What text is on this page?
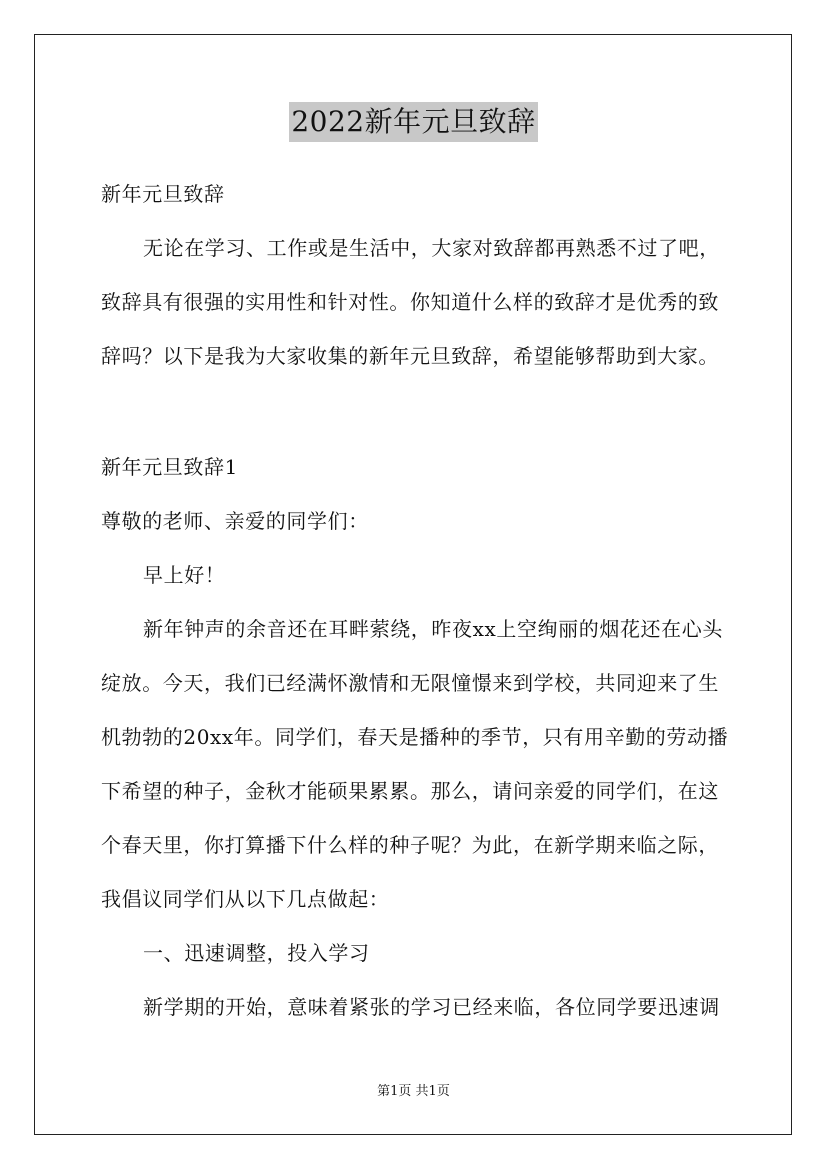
2022新年元旦致辞
新年元旦致辞
无论在学习、工作或是生活中，大家对致辞都再熟悉不过了吧，
致辞具有很强的实用性和针对性。你知道什么样的致辞才是优秀的致
辞吗？以下是我为大家收集的新年元旦致辞，希望能够帮助到大家。
新年元旦致辞1
尊敬的老师、亲爱的同学们：
早上好！
新年钟声的余音还在耳畔萦绕，昨夜xx上空绚丽的烟花还在心头
绽放。今天，我们已经满怀激情和无限憧憬来到学校，共同迎来了生
机勃勃的20xx年。同学们，春天是播种的季节，只有用辛勤的劳动播
下希望的种子，金秋才能硕果累累。那么，请问亲爱的同学们，在这
个春天里，你打算播下什么样的种子呢？为此，在新学期来临之际，
我倡议同学们从以下几点做起：
一、迅速调整，投入学习
新学期的开始，意味着紧张的学习已经来临，各位同学要迅速调
第1页 共1页
